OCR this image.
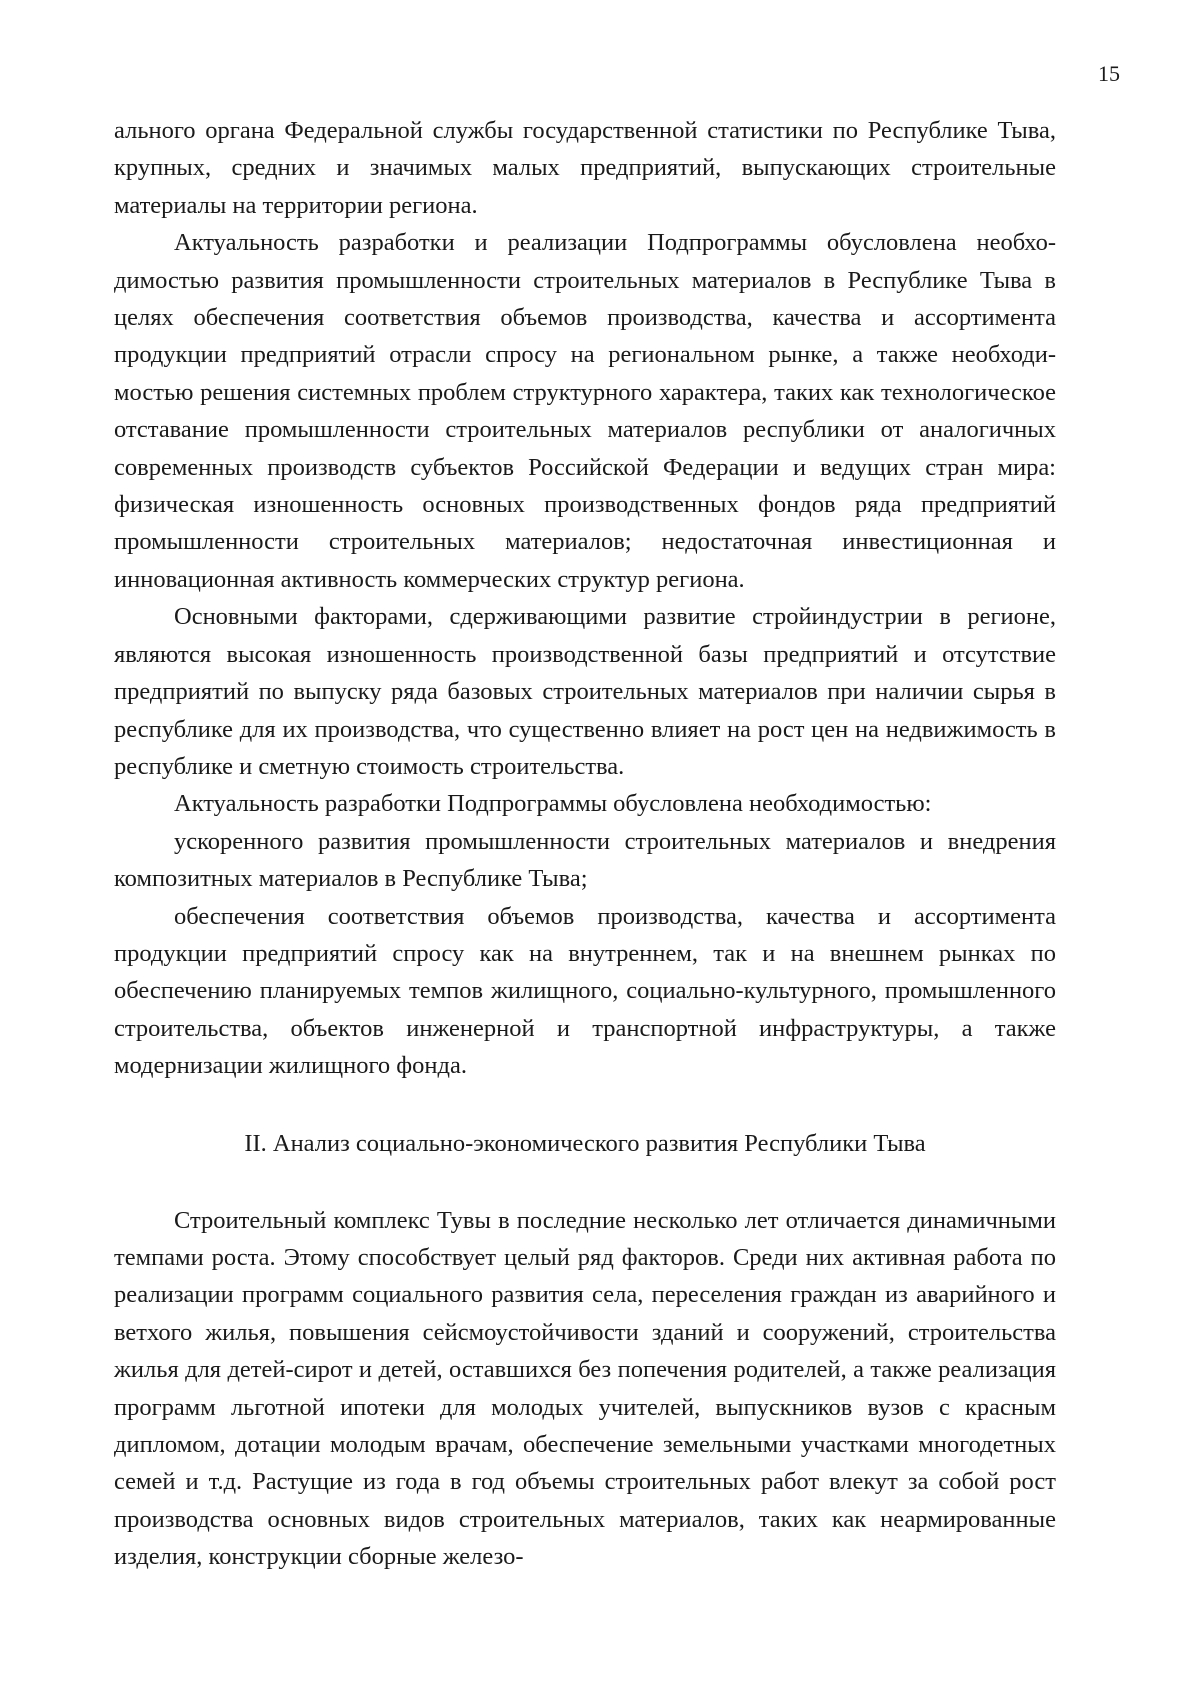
15

ального органа Федеральной службы государственной статистики по Республике Тыва, крупных, средних и значимых малых предприятий, выпускающих строительные материалы на территории региона.

Актуальность разработки и реализации Подпрограммы обусловлена необходимостью развития промышленности строительных материалов в Республике Тыва в целях обеспечения соответствия объемов производства, качества и ассортимента продукции предприятий отрасли спросу на региональном рынке, а также необходимостью решения системных проблем структурного характера, таких как технологическое отставание промышленности строительных материалов республики от аналогичных современных производств субъектов Российской Федерации и ведущих стран мира: физическая изношенность основных производственных фондов ряда предприятий промышленности строительных материалов; недостаточная инвестиционная и инновационная активность коммерческих структур региона.

Основными факторами, сдерживающими развитие стройиндустрии в регионе, являются высокая изношенность производственной базы предприятий и отсутствие предприятий по выпуску ряда базовых строительных материалов при наличии сырья в республике для их производства, что существенно влияет на рост цен на недвижимость в республике и сметную стоимость строительства.

Актуальность разработки Подпрограммы обусловлена необходимостью:

ускоренного развития промышленности строительных материалов и внедрения композитных материалов в Республике Тыва;

обеспечения соответствия объемов производства, качества и ассортимента продукции предприятий спросу как на внутреннем, так и на внешнем рынках по обеспечению планируемых темпов жилищного, социально-культурного, промышленного строительства, объектов инженерной и транспортной инфраструктуры, а также модернизации жилищного фонда.

II. Анализ социально-экономического развития Республики Тыва

Строительный комплекс Тувы в последние несколько лет отличается динамичными темпами роста. Этому способствует целый ряд факторов. Среди них активная работа по реализации программ социального развития села, переселения граждан из аварийного и ветхого жилья, повышения сейсмоустойчивости зданий и сооружений, строительства жилья для детей-сирот и детей, оставшихся без попечения родителей, а также реализация программ льготной ипотеки для молодых учителей, выпускников вузов с красным дипломом, дотации молодым врачам, обеспечение земельными участками многодетных семей и т.д. Растущие из года в год объемы строительных работ влекут за собой рост производства основных видов строительных материалов, таких как неармированные изделия, конструкции сборные железо-
